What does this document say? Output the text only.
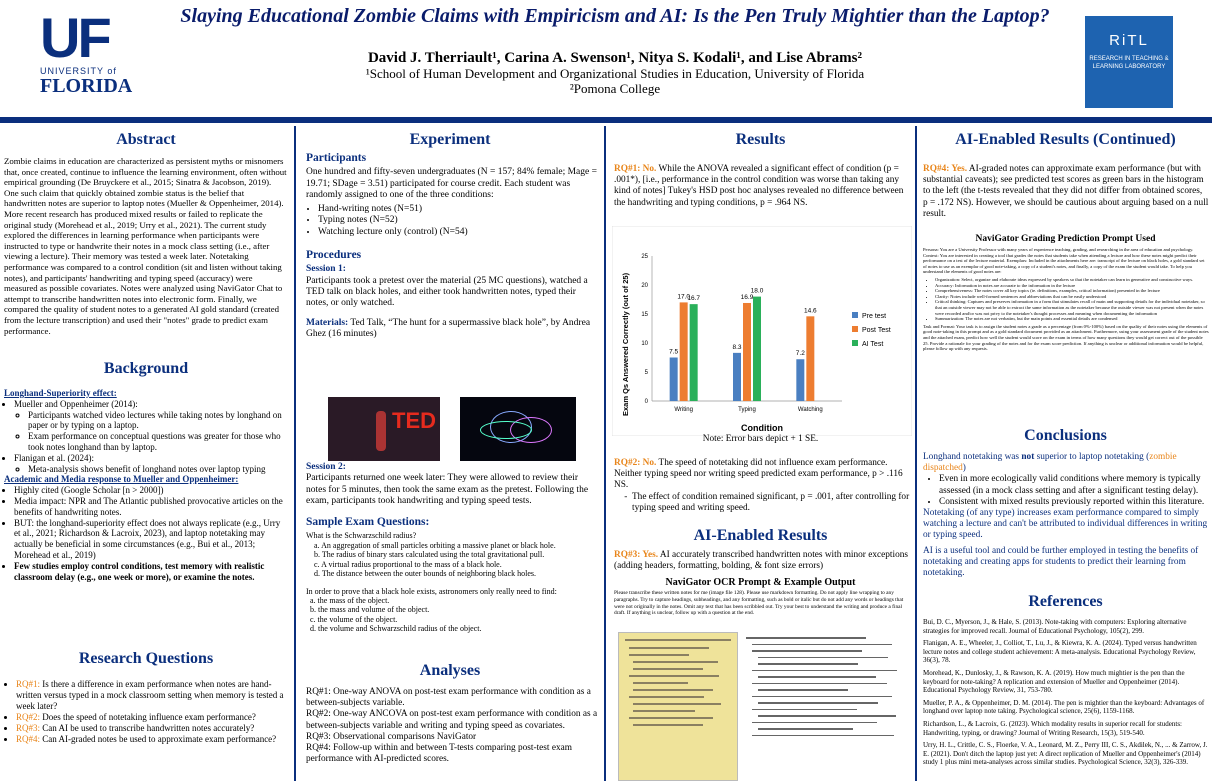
UF
UNIVERSITY of
FLORIDA
Slaying Educational Zombie Claims with Empiricism and AI: Is the Pen Truly Mightier than the Laptop?
David J. Therriault¹, Carina A. Swenson¹, Nitya S. Kodali¹, and Lise Abrams²
¹School of Human Development and Organizational Studies in Education, University of Florida
²Pomona College
RiTL
RESEARCH IN TEACHING & LEARNING LABORATORY
Abstract
Zombie claims in education are characterized as persistent myths or misnomers that, once created, continue to influence the learning environment, often without empirical grounding (De Bruyckere et al., 2015; Sinatra & Jacobson, 2019). One such claim that quickly obtained zombie status is the belief that handwritten notes are superior to laptop notes (Mueller & Oppenheimer, 2014). More recent research has produced mixed results or failed to replicate the original study (Morehead et al., 2019; Urry et al., 2021). The current study explored the differences in learning performance when participants were instructed to type or handwrite their notes in a mock class setting (i.e., after viewing a lecture). Their memory was tested a week later. Notetaking performance was compared to a control condition (sit and listen without taking notes), and participants' handwriting and typing speed (accuracy) were measured as possible covariates. Notes were analyzed using NaviGator Chat to attempt to transcribe handwritten notes into electronic form. Finally, we compared the quality of student notes to a generated AI gold standard (created from the lecture transcription) and used their "notes" grade to predict exam performance.
Background

Longhand-Superiority effect:

• Mueller and Oppenheimer (2014):
◦ Participants watched video lectures while taking notes by longhand on paper or by typing on a laptop.
◦ Exam performance on conceptual questions was greater for those who took notes longhand than by laptop.
• Flanigan et al. (2024):
◦ Meta-analysis shows benefit of longhand notes over laptop typing

Academic and Media response to Mueller and Oppenheimer:

• Highly cited (Google Scholar [n > 2000])
• Media impact: NPR and The Atlantic published provocative articles on the benefits of handwriting notes.
• BUT: the longhand-superiority effect does not always replicate (e.g., Urry et al., 2021; Richardson & Lacroix, 2023), and laptop notetaking may actually be beneficial in some circumstances (e.g., Bui et al., 2013; Morehead et al., 2019)
• Few studies employ control conditions, test memory with realistic classroom delay (e.g., one week or more), or examine the notes.
Research Questions
• RQ#1: Is there a difference in exam performance when notes are hand-written versus typed in a mock classroom setting when memory is tested a week later?
• RQ#2: Does the speed of notetaking influence exam performance?
• RQ#3: Can AI be used to transcribe handwritten notes accurately?
• RQ#4: Can AI-graded notes be used to approximate exam performance?
Experiment
Participants

One hundred and fifty-seven undergraduates (N = 157; 84% female; Mage = 19.71; SDage = 3.51) participated for course credit. Each student was randomly assigned to one of the three conditions:

• Hand-writing notes (N=51)
• Typing notes (N=52)
• Watching lecture only (control) (N=54)
Procedures

Session 1:

Participants took a pretest over the material (25 MC questions), watched a TED talk on black holes, and either took handwritten notes, typed their notes, or only watched.

Materials: Ted Talk, “The hunt for a supermassive black hole”, by Andrea Ghez (16 minutes)

TED

Session 2:

Participants returned one week later: They were allowed to review their notes for 5 minutes, then took the same exam as the pretest. Following the exam, participants took handwriting and typing speed tests.

Sample Exam Questions:

What is the Schwarzschild radius?

a. An aggregation of small particles orbiting a massive planet or black hole.

b. The radius of binary stars calculated using the total gravitational pull.

c. A virtual radius proportional to the mass of a black hole.

d. The distance between the outer bounds of neighboring black holes.

In order to prove that a black hole exists, astronomers only really need to find:

a. the mass of the object.

b. the mass and volume of the object.

c. the volume of the object.

d. the volume and Schwarzschild radius of the object.

Analyses

RQ#1: One-way ANOVA on post-test exam performance with condition as a between-subjects variable.

RQ#2: One-way ANCOVA on post-test exam performance with condition as a between-subjects variable and writing and typing speed as covariates.

RQ#3: Observational comparisons NaviGator

RQ#4: Follow-up within and between T-tests comparing post-test exam performance with AI-predicted scores.

Results
RQ#1: No. While the ANOVA revealed a significant effect of condition (p = .001*), [i.e., performance in the control condition was worse than taking any kind of notes] Tukey's HSD post hoc analyses revealed no difference between the handwriting and typing conditions, p = .964 NS.
Exam Qs Answered Correctly (out of 25)
Condition
0
5
10
15
20
25
Writing
7.5
17.0
16.7
Typing
8.3
16.9
18.0
Watching
7.2
14.6
Pre test
Post Test
AI Test
Note: Error bars depict + 1 SE.
RQ#2: No. The speed of notetaking did not influence exam performance. Neither typing speed nor writing speed predicted exam performance, p > .116 NS.
- The effect of condition remained significant, p = .001, after controlling for typing speed and writing speed.
AI-Enabled Results
RQ#3: Yes. AI accurately transcribed handwritten notes with minor exceptions (adding headers, formatting, bolding, & font size errors)
NaviGator OCR Prompt & Example Output
Please transcribe these written notes for me (image file 128). Please use markdown formatting. Do not apply line wrapping to any paragraphs. Try to capture headings, subheadings, and any formatting, such as bold or italic but do not add any words or headings that were not originally in the notes. Omit any text that has been scribbled out. Try your best to understand the writing and produce a final draft. If anything is unclear, follow up with a question at the end.
AI-Enabled Results (Continued)
RQ#4: Yes. AI-graded notes can approximate exam performance (but with substantial caveats); see predicted test scores as green bars in the histogram to the left (the t-tests revealed that they did not differ from obtained scores, p = .172 NS). However, we should be cautious about arguing based on a null result.
NaviGator Grading Prediction Prompt Used

Persona: You are a University Professor with many years of experience teaching, grading, and researching in the area of education and psychology. Context: You are interested in creating a tool that grades the notes that students take when attending a lecture and how these notes might predict their performance on a test of the lecture material. Exemplars: Included in the attachments here are: transcript of the lecture on black holes, a gold standard set of notes to use as an exemplar of good note-taking, a copy of a student's notes, and finally, a copy of the exam the student would take. To help you understand the elements of good notes are:

• Organization: Select, organize and elaborate ideas expressed by speakers so that the notetaker can learn in generative and constructive ways.
• Accuracy: Information in notes are accurate to the information in the lecture
• Comprehensiveness: The notes cover all key topics (ie. definitions, examples, critical information) presented in the lecture
• Clarity: Notes include well-formed sentences and abbreviations that can be easily understood
• Critical thinking: Captures and preserves information in a form that stimulates recall of main and supporting details for the individual notetaker, so that an outside viewer may not be able to extract the same information as the notetaker because the outside viewer was not present when the notes were recorded and/or was not privy to the notetaker's thought processes and meaning when documenting the information
• Summarization: The notes are not verbatim, but the main points and essential details are condensed

Task and Format: Your task is to assign the student notes a grade as a percentage (from 0%-100%) based on the quality of their notes using the elements of good note-taking in this prompt and as a gold standard document provided as an attachment. Furthermore, using your assessment grade of the student notes and the attached exam, predict how well the student would score on the exam in terms of how many questions they would get correct out of the possible 25. Provide a rationale for your grading of the notes and for the exam score prediction. If anything is unclear or additional information would be helpful, please follow up with any requests.

Conclusions

Longhand notetaking was not superior to laptop notetaking (zombie dispatched)

• Even in more ecologically valid conditions where memory is typically assessed (in a mock class setting and after a significant testing delay).
• Consistent with mixed results previously reported within this literature.

Notetaking (of any type) increases exam performance compared to simply watching a lecture and can't be attributed to individual differences in writing or typing speed.

AI is a useful tool and could be further employed in testing the benefits of notetaking and creating apps for students to predict their learning from notetaking.

References

Bui, D. C., Myerson, J., & Hale, S. (2013). Note-taking with computers: Exploring alternative strategies for improved recall. Journal of Educational Psychology, 105(2), 299.

Flanigan, A. E., Wheeler, J., Colliot, T., Lu, J., & Kiewra, K. A. (2024). Typed versus handwritten lecture notes and college student achievement: A meta-analysis. Educational Psychology Review, 36(3), 78.

Morehead, K., Dunlosky, J., & Rawson, K. A. (2019). How much mightier is the pen than the keyboard for note-taking? A replication and extension of Mueller and Oppenheimer (2014). Educational Psychology Review, 31, 753-780.

Mueller, P. A., & Oppenheimer, D. M. (2014). The pen is mightier than the keyboard: Advantages of longhand over laptop note taking. Psychological science, 25(6), 1159-1168.

Richardson, L., & Lacroix, G. (2023). Which modality results in superior recall for students: Handwriting, typing, or drawing? Journal of Writing Research, 15(3), 519-540.

Urry, H. L., Crittle, C. S., Floerke, V. A., Leonard, M. Z., Perry III, C. S., Akdilek, N., ... & Zarrow, J. E. (2021). Don't ditch the laptop just yet: A direct replication of Mueller and Oppenheimer's (2014) study 1 plus mini meta-analyses across similar studies. Psychological Science, 32(3), 326-339.
